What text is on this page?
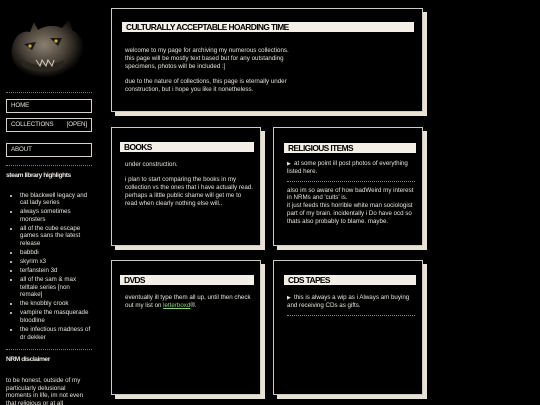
HOME
COLLECTIONS [OPEN]
ABOUT
steam library highlights
• the blackwell legacy and cat lady series
• always sometimes monsters
• all of the cube escape games sans the latest release
• babbdi
• skyrim x3
• terfanstein 3d
• all of the sam & max telltale series [non remake]
• the knobbly crook
• vampire the masquerade bloodline
• the infectious madness of dr dekker
NRM disclaimer
to be honest, outside of my particularly delusional moments in life, im not even that religious or at all
CULTURALLY ACCEPTABLE HOARDING TIME

welcome to my page for archiving my numerous collections.

this page will be mostly text based but for any outstanding specimens, photos will be included :]

due to the nature of collections, this page is eternally under construction, but i hope you like it nonetheless.

BOOKS

under construction.

i plan to start comparing the books in my collection vs the ones that i have actually read.

perhaps a little public shame will get me to read when clearly nothing else will..

RELIGIOUS ITEMS

▶ at some point ill post photos of everything listed here.

also im so aware of how badWeird my interest in NRMs and 'cults' is.

it just feeds this horrible white man sociologist part of my brain. incidentally i Do have ocd so thats also probably to blame. maybe.

DVDS

eventually ill type them all up, until then check out my list on letterboxd®.

CDS TAPES

▶ this is always a wip as i Always am buying and receiving CDs as gifts.
